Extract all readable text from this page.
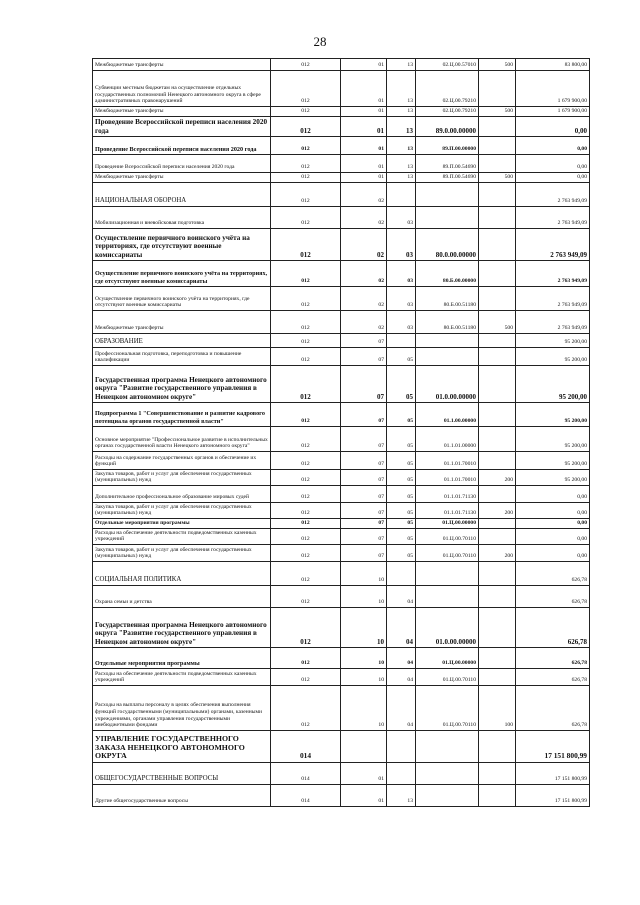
28
Межбюджетные трансферты	012	01	13	02.Ц.00.57010	500	83 800,00
Субвенции местным бюджетам на осуществление отдельных государственных полномочий Ненецкого автономного округа в сфере административных правонарушений	012	01	13	02.Ц.00.79210		1 679 900,00
Межбюджетные трансферты	012	01	13	02.Ц.00.79210	500	1 679 900,00
Проведение Всероссийской переписи населения 2020 года	012	01	13	89.0.00.00000		0,00
Проведение Всероссийской переписи населения 2020 года	012	01	13	89.П.00.00000		0,00
Проведение Всероссийской переписи населения 2020 года	012	01	13	89.П.00.54690		0,00
Межбюджетные трансферты	012	01	13	89.П.00.54690	500	0,00
НАЦИОНАЛЬНАЯ ОБОРОНА	012	02				2 763 949,09
Мобилизационная и вневойсковая подготовка	012	02	03			2 763 949,09
Осуществление первичного воинского учёта на территориях, где отсутствуют военные комиссариаты	012	02	03	80.0.00.00000		2 763 949,09
Осуществление первичного воинского учёта на территориях, где отсутствуют военные комиссариаты	012	02	03	80.Б.00.00000		2 763 949,09
Осуществление первичного воинского учёта на территориях, где отсутствуют военные комиссариаты	012	02	03	80.Б.00.51180		2 763 949,09
Межбюджетные трансферты	012	02	03	80.Б.00.51180	500	2 763 949,09
ОБРАЗОВАНИЕ	012	07				95 200,00
Профессиональная подготовка, переподготовка и повышение квалификации	012	07	05			95 200,00
Государственная программа Ненецкого автономного округа "Развитие государственного управления в Ненецком автономном округе"	012	07	05	01.0.00.00000		95 200,00
Подпрограмма 1 "Совершенствование и развитие кадрового потенциала органов государственной власти"	012	07	05	01.1.00.00000		95 200,00
Основное мероприятие "Профессиональное развитие в исполнительных органах государственной власти Ненецкого автономного округа"	012	07	05	01.1.01.00000		95 200,00
Расходы на содержание государственных органов и обеспечение их функций	012	07	05	01.1.01.70010		95 200,00
Закупка товаров, работ и услуг для обеспечения государственных (муниципальных) нужд	012	07	05	01.1.01.70010	200	95 200,00
Дополнительное профессиональное образование мировых судей	012	07	05	01.1.01.71130		0,00
Закупка товаров, работ и услуг для обеспечения государственных (муниципальных) нужд	012	07	05	01.1.01.71130	200	0,00
Отдельные мероприятия программы	012	07	05	01.Ц.00.00000		0,00
Расходы на обеспечение деятельности подведомственных казенных учреждений	012	07	05	01.Ц.00.70110		0,00
Закупка товаров, работ и услуг для обеспечения государственных (муниципальных) нужд	012	07	05	01.Ц.00.70110	200	0,00
СОЦИАЛЬНАЯ ПОЛИТИКА	012	10				626,78
Охрана семьи и детства	012	10	04			626,78
Государственная программа Ненецкого автономного округа "Развитие государственного управления в Ненецком автономном округе"	012	10	04	01.0.00.00000		626,78
Отдельные мероприятия программы	012	10	04	01.Ц.00.00000		626,78
Расходы на обеспечение деятельности подведомственных казенных учреждений	012	10	04	01.Ц.00.70110		626,78
Расходы на выплаты персоналу в целях обеспечения выполнения функций государственными (муниципальными) органами, казенными учреждениями, органами управления государственными внебюджетными фондами	012	10	04	01.Ц.00.70110	100	626,78
УПРАВЛЕНИЕ ГОСУДАРСТВЕННОГО ЗАКАЗА НЕНЕЦКОГО АВТОНОМНОГО ОКРУГА	014					17 151 800,99
ОБЩЕГОСУДАРСТВЕННЫЕ ВОПРОСЫ	014	01				17 151 800,99
Другие общегосударственные вопросы	014	01	13			17 151 800,99
